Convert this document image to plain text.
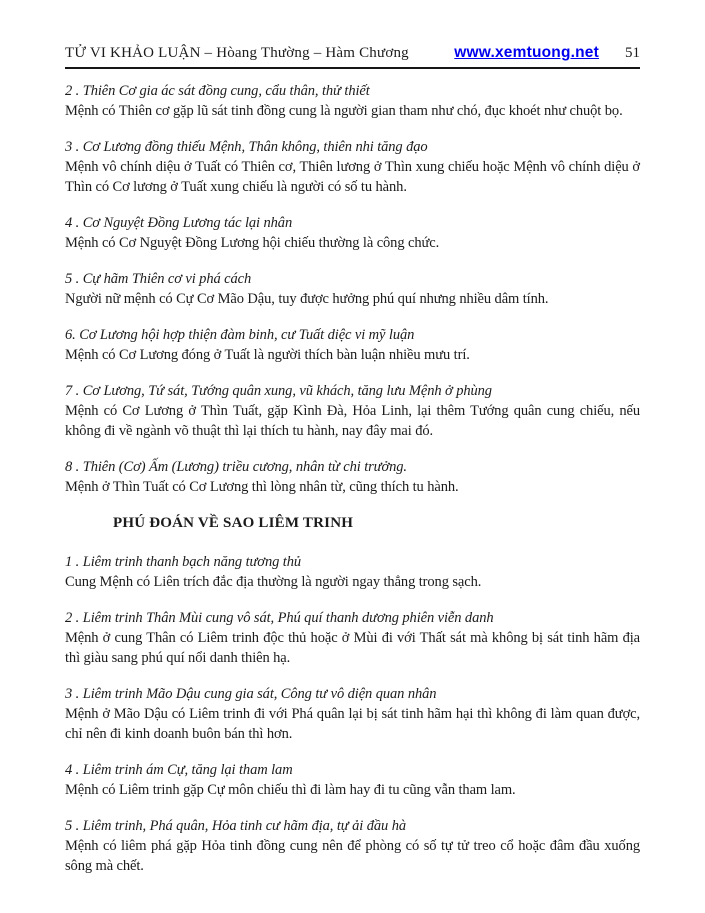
TỬ VI KHẢO LUẬN – Hòang Thường – Hàm Chương	www.xemtuong.net 51
2 . Thiên Cơ gia ác sát đồng cung, cẩu thân, thử thiết
Mệnh có Thiên cơ gặp lũ sát tinh đồng cung là người gian tham như chó, đục khoét như chuột bọ.
3 . Cơ Lương đồng thiếu Mệnh, Thân không, thiên nhi tăng đạo
Mệnh vô chính diệu ở Tuất có Thiên cơ, Thiên lương ở Thìn xung chiếu hoặc Mệnh vô chính diệu ở Thìn có Cơ lương ở Tuất xung chiếu là người có số tu hành.
4 . Cơ Nguyệt Đồng Lương tác lại nhân
Mệnh có Cơ Nguyệt Đồng Lương hội chiếu thường là công chức.
5 . Cự hãm Thiên cơ vi phá cách
Người nữ mệnh có Cự Cơ Mão Dậu, tuy được hưởng phú quí nhưng nhiều dâm tính.
6. Cơ Lương hội hợp thiện đàm binh, cư Tuất diệc vi mỹ luận
Mệnh có Cơ Lương đóng ở Tuất là người thích bàn luận nhiều mưu trí.
7 . Cơ Lương, Tứ sát, Tướng quân xung, vũ khách, tăng lưu Mệnh ở phùng
Mệnh có Cơ Lương ở Thìn Tuất, gặp Kình Đà, Hỏa Linh, lại thêm Tướng quân cung chiếu, nếu không đi về ngành võ thuật thì lại thích tu hành, nay đây mai đó.
8 . Thiên (Cơ) Ấm (Lương) triều cương, nhân từ chi trưởng.
Mệnh ở Thìn Tuất có Cơ Lương thì lòng nhân từ, cũng thích tu hành.
PHÚ ĐOÁN VỀ SAO LIÊM TRINH
1 . Liêm trinh thanh bạch năng tương thủ
Cung Mệnh có Liên trích đắc địa thường là người ngay thẳng trong sạch.
2 . Liêm trinh Thân Mùi cung vô sát, Phú quí thanh dương phiên viễn danh
Mệnh ở cung Thân có Liêm trinh độc thủ hoặc ở Mùi đi với Thất sát mà không bị sát tinh hãm địa thì giàu sang phú quí nổi danh thiên hạ.
3 . Liêm trinh Mão Dậu cung gia sát, Công tư vô diện quan nhân
Mệnh ở Mão Dậu có Liêm trinh đi với Phá quân lại bị sát tinh hãm hại thì không đi làm quan được, chỉ nên đi kinh doanh buôn bán thì hơn.
4 . Liêm trinh ám Cự, tăng lại tham lam
Mệnh có Liêm trinh gặp Cự môn chiếu thì đi làm hay đi tu cũng vẫn tham lam.
5 . Liêm trinh, Phá quân, Hỏa tinh cư hãm địa, tự ải đầu hà
Mệnh có liêm phá gặp Hỏa tinh đồng cung nên để phòng có số tự tử treo cổ hoặc đâm đầu xuống sông mà chết.
